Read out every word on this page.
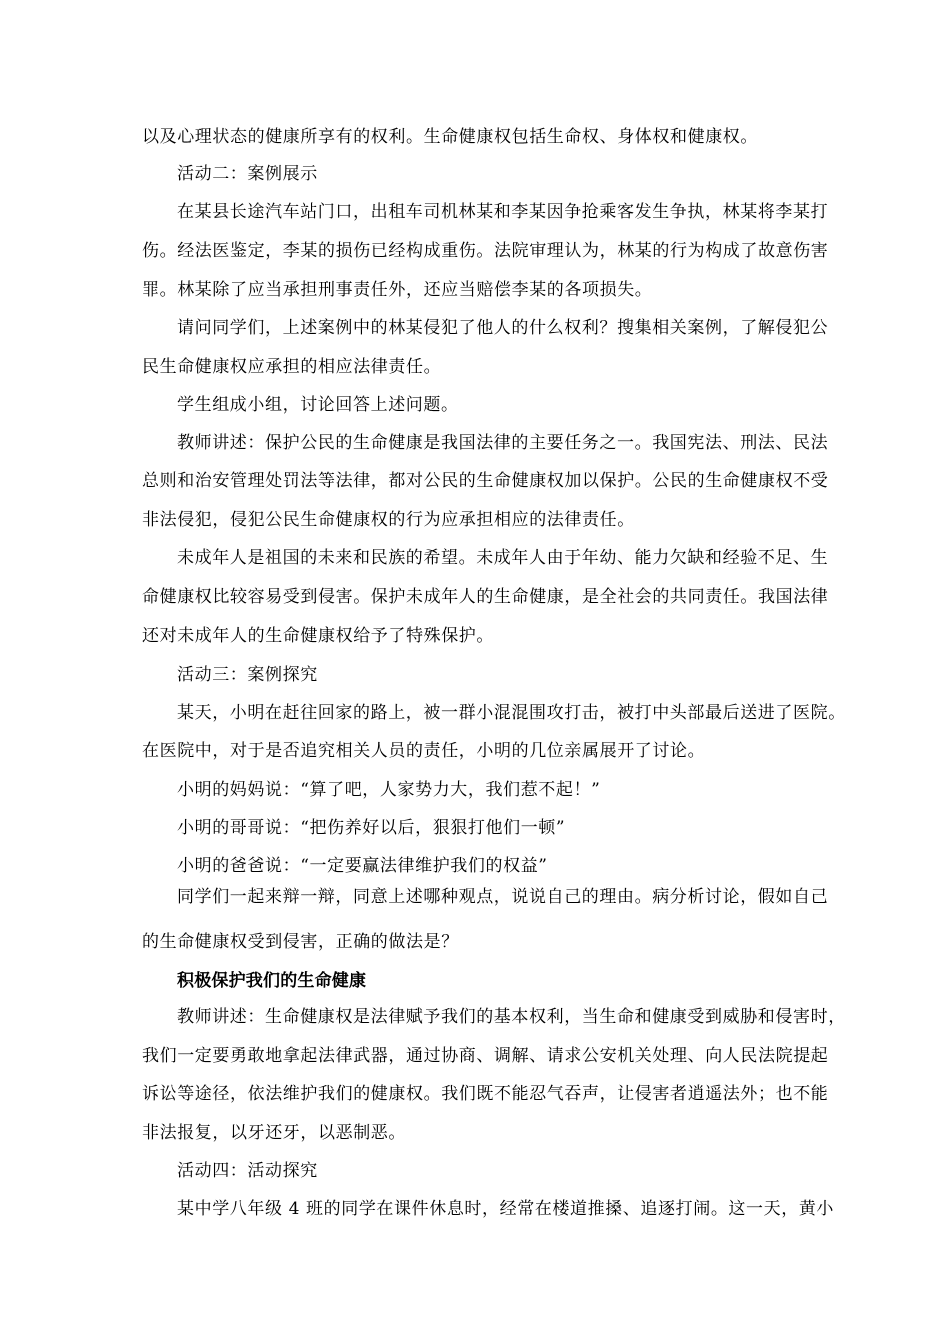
以及心理状态的健康所享有的权利。生命健康权包括生命权、身体权和健康权。
活动二：案例展示
在某县长途汽车站门口，出租车司机林某和李某因争抢乘客发生争执，林某将李某打
伤。经法医鉴定，李某的损伤已经构成重伤。法院审理认为，林某的行为构成了故意伤害
罪。林某除了应当承担刑事责任外，还应当赔偿李某的各项损失。
请问同学们，上述案例中的林某侵犯了他人的什么权利？搜集相关案例，了解侵犯公
民生命健康权应承担的相应法律责任。
学生组成小组，讨论回答上述问题。
教师讲述：保护公民的生命健康是我国法律的主要任务之一。我国宪法、刑法、民法
总则和治安管理处罚法等法律，都对公民的生命健康权加以保护。公民的生命健康权不受
非法侵犯，侵犯公民生命健康权的行为应承担相应的法律责任。
未成年人是祖国的未来和民族的希望。未成年人由于年幼、能力欠缺和经验不足、生
命健康权比较容易受到侵害。保护未成年人的生命健康，是全社会的共同责任。我国法律
还对未成年人的生命健康权给予了特殊保护。
活动三：案例探究
某天，小明在赶往回家的路上，被一群小混混围攻打击，被打中头部最后送进了医院。
在医院中，对于是否追究相关人员的责任，小明的几位亲属展开了讨论。
小明的妈妈说：“算了吧，人家势力大，我们惹不起！”
小明的哥哥说：“把伤养好以后，狠狠打他们一顿”
小明的爸爸说：“一定要赢法律维护我们的权益”
同学们一起来辩一辩，同意上述哪种观点，说说自己的理由。病分析讨论，假如自己
的生命健康权受到侵害，正确的做法是？
积极保护我们的生命健康
教师讲述：生命健康权是法律赋予我们的基本权利，当生命和健康受到威胁和侵害时，
我们一定要勇敢地拿起法律武器，通过协商、调解、请求公安机关处理、向人民法院提起
诉讼等途径，依法维护我们的健康权。我们既不能忍气吞声，让侵害者逍遥法外；也不能
非法报复，以牙还牙，以恶制恶。
活动四：活动探究
某中学八年级 4 班的同学在课件休息时，经常在楼道推搡、追逐打闹。这一天，黄小
